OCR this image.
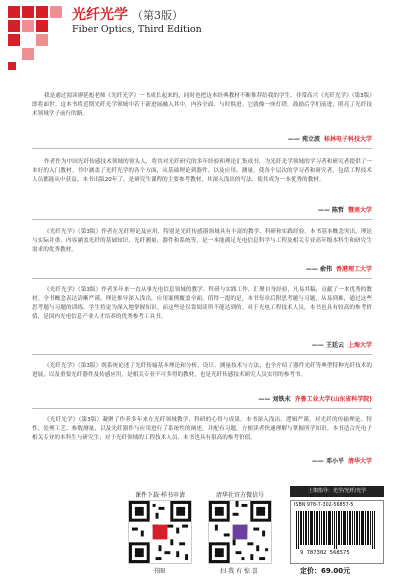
光纤光学 （第3版）
Fiber Optics, Third Edition
我是通过阅读廖延彪老师《光纤光学》一书成长起来的，同时也把这本经典教材不断推荐给我的学生，非常高兴《光纤光学》（第3版）即将面世。这本书将近期光纤光学领域中若干新进展融入其中，内容全面、与时俱进。它就像一座灯塔，鼓励后学们前进，照亮了光纤技术领域学子前行的路。
—— 苑立波 桂林电子科技大学
作者作为中国光纤传感技术领域的领头人，将其对光纤研究的多年经验和理论汇集成书，为光纤光学领域的学习者和研究者提供了一本好的入门教材。书中涵盖了光纤光学的各个方面，从基础理论到器件、以及应用、测量、使各个层次的学习者和研究者，包括工程技术人员都能从中获益。本书出版20年了，是研究生课程的主要参考教材，其深入浅出的写法、使其成为一本优秀的教材。
—— 陈哲 暨南大学
《光纤光学》（第3版）作者在光纤理论及应用，特别是光纤传感器领域具有丰富的教学、科研和实践经验。本书基本概念突出，理论与实际并重，内容涵盖光纤的基础知识、光纤测量、器件和系统等，是一本能满足光电信息科学与工程及相关专业高年级本科生和研究生需求的优秀教材。
—— 俞伟 香港理工大学
《光纤光学》（第3版）作者多年来一直从事光电信息领域的教学、科研与实践工作，汇聚自身经验，凡易其稿，贡献了一本优秀的教材。全书概念表达清晰严谨，理论推导深入浅出，应用案例覆盖全面，值得一提的是，本书每章后附思考题与习题，从易到难，通过这些思考题与习题的训练，学生将更为深入地掌握知识。而这些是仅靠阅读所不能达到的。对于光电工程技术人员，本书也具有较高的参考价值，是国内光电信息产业人才培养的优秀参考工具书。
—— 王廷云 上海大学
《光纤光学》（第3版）既系统论述了光纤传输基本理论和分析、设计、测量技术与方法，也全介绍了器件光纤等典型特种光纤技术的进展，以及重要光纤器件及传感应用，是相关专业不可多得的教材，也是光纤传感技术研究人员实用的参考书。
—— 刘铁末 齐鲁工业大学(山东省科学院)
《光纤光学》（第3版）凝聚了作者多年来在光纤领域教学、科研的心得与成果。本书深入浅出、逻辑严谨。对光纤的传输理论、特性、处理工艺、参数测量，以及光纤器件与应用进行了系统性的阐述，并配有习题，方便读者快速理解与掌握所学知识。本书适合光电子相关专业的本科生与研究生；对于光纤领域的工程技术人员、本书也具有很高的参考价值。
—— 邓小平 清华大学
课件下载·样书申请
书圈
清华社官方微信号
扫 我 有 惊 喜
上架指导：光学/光纤/光学
ISBN 978-7-302-56857-5
9 787302 568575
定价：69.00元
